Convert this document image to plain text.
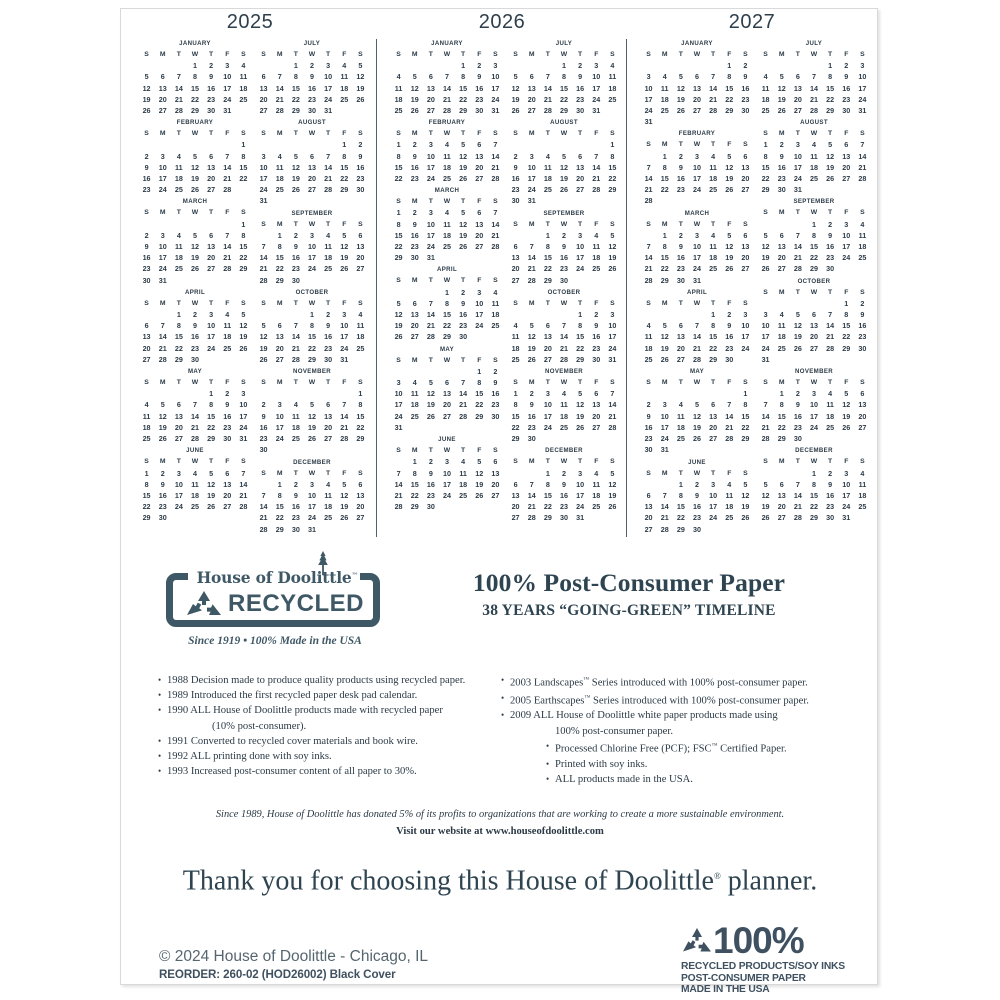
2025
JANUARY
S	M	T	W	T	F	S
			1	2	3	4
5	6	7	8	9	10	11
12	13	14	15	16	17	18
19	20	21	22	23	24	25
26	27	28	29	30	31	
FEBRUARY
S	M	T	W	T	F	S
						1
2	3	4	5	6	7	8
9	10	11	12	13	14	15
16	17	18	19	20	21	22
23	24	25	26	27	28	
MARCH
S	M	T	W	T	F	S
						1
2	3	4	5	6	7	8
9	10	11	12	13	14	15
16	17	18	19	20	21	22
23	24	25	26	27	28	29
30	31					
APRIL
S	M	T	W	T	F	S
		1	2	3	4	5
6	7	8	9	10	11	12
13	14	15	16	17	18	19
20	21	22	23	24	25	26
27	28	29	30			
MAY
S	M	T	W	T	F	S
				1	2	3
4	5	6	7	8	9	10
11	12	13	14	15	16	17
18	19	20	21	22	23	24
25	26	27	28	29	30	31
JUNE
S	M	T	W	T	F	S
1	2	3	4	5	6	7
8	9	10	11	12	13	14
15	16	17	18	19	20	21
22	23	24	25	26	27	28
29	30					
JULY
S	M	T	W	T	F	S
		1	2	3	4	5
6	7	8	9	10	11	12
13	14	15	16	17	18	19
20	21	22	23	24	25	26
27	28	29	30	31		
AUGUST
S	M	T	W	T	F	S
					1	2
3	4	5	6	7	8	9
10	11	12	13	14	15	16
17	18	19	20	21	22	23
24	25	26	27	28	29	30
31						
SEPTEMBER
S	M	T	W	T	F	S
	1	2	3	4	5	6
7	8	9	10	11	12	13
14	15	16	17	18	19	20
21	22	23	24	25	26	27
28	29	30				
OCTOBER
S	M	T	W	T	F	S
			1	2	3	4
5	6	7	8	9	10	11
12	13	14	15	16	17	18
19	20	21	22	23	24	25
26	27	28	29	30	31	
NOVEMBER
S	M	T	W	T	F	S
						1
2	3	4	5	6	7	8
9	10	11	12	13	14	15
16	17	18	19	20	21	22
23	24	25	26	27	28	29
30						
DECEMBER
S	M	T	W	T	F	S
	1	2	3	4	5	6
7	8	9	10	11	12	13
14	15	16	17	18	19	20
21	22	23	24	25	26	27
28	29	30	31			
2026
JANUARY
S	M	T	W	T	F	S
				1	2	3
4	5	6	7	8	9	10
11	12	13	14	15	16	17
18	19	20	21	22	23	24
25	26	27	28	29	30	31
FEBRUARY
S	M	T	W	T	F	S
1	2	3	4	5	6	7
8	9	10	11	12	13	14
15	16	17	18	19	20	21
22	23	24	25	26	27	28
MARCH
S	M	T	W	T	F	S
1	2	3	4	5	6	7
8	9	10	11	12	13	14
15	16	17	18	19	20	21
22	23	24	25	26	27	28
29	30	31				
APRIL
S	M	T	W	T	F	S
			1	2	3	4
5	6	7	8	9	10	11
12	13	14	15	16	17	18
19	20	21	22	23	24	25
26	27	28	29	30		
MAY
S	M	T	W	T	F	S
					1	2
3	4	5	6	7	8	9
10	11	12	13	14	15	16
17	18	19	20	21	22	23
24	25	26	27	28	29	30
31						
JUNE
S	M	T	W	T	F	S
	1	2	3	4	5	6
7	8	9	10	11	12	13
14	15	16	17	18	19	20
21	22	23	24	25	26	27
28	29	30				
JULY
S	M	T	W	T	F	S
			1	2	3	4
5	6	7	8	9	10	11
12	13	14	15	16	17	18
19	20	21	22	23	24	25
26	27	28	29	30	31	
AUGUST
S	M	T	W	T	F	S
						1
2	3	4	5	6	7	8
9	10	11	12	13	14	15
16	17	18	19	20	21	22
23	24	25	26	27	28	29
30	31					
SEPTEMBER
S	M	T	W	T	F	S
		1	2	3	4	5
6	7	8	9	10	11	12
13	14	15	16	17	18	19
20	21	22	23	24	25	26
27	28	29	30			
OCTOBER
S	M	T	W	T	F	S
				1	2	3
4	5	6	7	8	9	10
11	12	13	14	15	16	17
18	19	20	21	22	23	24
25	26	27	28	29	30	31
NOVEMBER
S	M	T	W	T	F	S
1	2	3	4	5	6	7
8	9	10	11	12	13	14
15	16	17	18	19	20	21
22	23	24	25	26	27	28
29	30					
DECEMBER
S	M	T	W	T	F	S
		1	2	3	4	5
6	7	8	9	10	11	12
13	14	15	16	17	18	19
20	21	22	23	24	25	26
27	28	29	30	31		
2027
JANUARY
S	M	T	W	T	F	S
					1	2
3	4	5	6	7	8	9
10	11	12	13	14	15	16
17	18	19	20	21	22	23
24	25	26	27	28	29	30
31						
FEBRUARY
S	M	T	W	T	F	S
	1	2	3	4	5	6
7	8	9	10	11	12	13
14	15	16	17	18	19	20
21	22	23	24	25	26	27
28						
MARCH
S	M	T	W	T	F	S
	1	2	3	4	5	6
7	8	9	10	11	12	13
14	15	16	17	18	19	20
21	22	23	24	25	26	27
28	29	30	31			
APRIL
S	M	T	W	T	F	S
				1	2	3
4	5	6	7	8	9	10
11	12	13	14	15	16	17
18	19	20	21	22	23	24
25	26	27	28	29	30	
MAY
S	M	T	W	T	F	S
						1
2	3	4	5	6	7	8
9	10	11	12	13	14	15
16	17	18	19	20	21	22
23	24	25	26	27	28	29
30	31					
JUNE
S	M	T	W	T	F	S
		1	2	3	4	5
6	7	8	9	10	11	12
13	14	15	16	17	18	19
20	21	22	23	24	25	26
27	28	29	30			
JULY
S	M	T	W	T	F	S
				1	2	3
4	5	6	7	8	9	10
11	12	13	14	15	16	17
18	19	20	21	22	23	24
25	26	27	28	29	30	31
AUGUST
S	M	T	W	T	F	S
1	2	3	4	5	6	7
8	9	10	11	12	13	14
15	16	17	18	19	20	21
22	23	24	25	26	27	28
29	30	31				
SEPTEMBER
S	M	T	W	T	F	S
			1	2	3	4
5	6	7	8	9	10	11
12	13	14	15	16	17	18
19	20	21	22	23	24	25
26	27	28	29	30		
OCTOBER
S	M	T	W	T	F	S
					1	2
3	4	5	6	7	8	9
10	11	12	13	14	15	16
17	18	19	20	21	22	23
24	25	26	27	28	29	30
31						
NOVEMBER
S	M	T	W	T	F	S
	1	2	3	4	5	6
7	8	9	10	11	12	13
14	15	16	17	18	19	20
21	22	23	24	25	26	27
28	29	30				
DECEMBER
S	M	T	W	T	F	S
			1	2	3	4
5	6	7	8	9	10	11
12	13	14	15	16	17	18
19	20	21	22	23	24	25
26	27	28	29	30	31	
House of Doolittle™
RECYCLED
Since 1919 • 100% Made in the USA
100% Post-Consumer Paper
38 YEARS “GOING-GREEN” TIMELINE
• 1988 Decision made to produce quality products using recycled paper.
• 1989 Introduced the first recycled paper desk pad calendar.
• 1990 ALL House of Doolittle products made with recycled paper
(10% post-consumer).
• 1991 Converted to recycled cover materials and book wire.
• 1992 ALL printing done with soy inks.
• 1993 Increased post-consumer content of all paper to 30%.
• 2003 Landscapes™ Series introduced with 100% post-consumer paper.
• 2005 Earthscapes™ Series introduced with 100% post-consumer paper.
• 2009 ALL House of Doolittle white paper products made using
100% post-consumer paper.
• Processed Chlorine Free (PCF); FSC™ Certified Paper.
• Printed with soy inks.
• ALL products made in the USA.
Since 1989, House of Doolittle has donated 5% of its profits to organizations that are working to create a more sustainable environment.
Visit our website at www.houseofdoolittle.com
Thank you for choosing this House of Doolittle® planner.
© 2024 House of Doolittle - Chicago, IL
REORDER: 260-02 (HOD26002) Black Cover
100%
RECYCLED PRODUCTS/SOY INKS
POST-CONSUMER PAPER
MADE IN THE USA
